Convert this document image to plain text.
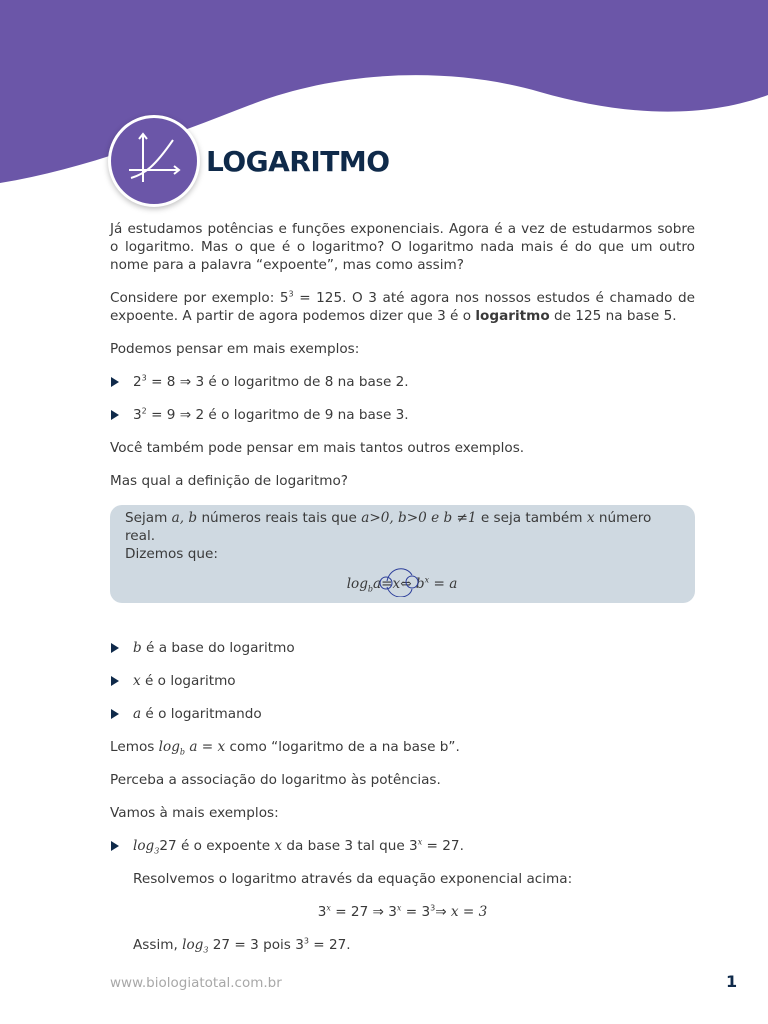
LOGARITMO

Já estudamos potências e funções exponenciais. Agora é a vez de estudarmos sobre o logaritmo. Mas o que é o logaritmo? O logaritmo nada mais é do que um outro nome para a palavra “expoente”, mas como assim?

Considere por exemplo: $5^3 = 125$. O 3 até agora nos nossos estudos é chamado de expoente. A partir de agora podemos dizer que 3 é o logaritmo de 125 na base 5.

Podemos pensar em mais exemplos:

$2^3 = 8$ ⇒ 3 é o logaritmo de 8 na base 2.
$3^2 = 9$ ⇒ 2 é o logaritmo de 9 na base 3.

Você também pode pensar em mais tantos outros exemplos.

Mas qual a definição de logaritmo?

Sejam a, b números reais tais que a>0, b>0 e b ≠1 e seja também x número real.
Dizemos que:
$\log_ba=x\Leftrightarrow$ $b^x = a$
b é a base do logaritmo
x é o logaritmo
a é o logaritmando

Lemos $\log_b a = x$ como “logaritmo de a na base b”.

Perceba a associação do logaritmo às potências.

Vamos à mais exemplos:

$\log_327$ é o expoente x da base 3 tal que $3^x = 27$.

Resolvemos o logaritmo através da equação exponencial acima:

$3^x = 27$ ⇒ $3^x$ = $3^3\Rightarrow$ x = 3

Assim, $\log_3 27 = 3$ pois $3^3 = 27$.

www.biologiatotal.com.br	1
